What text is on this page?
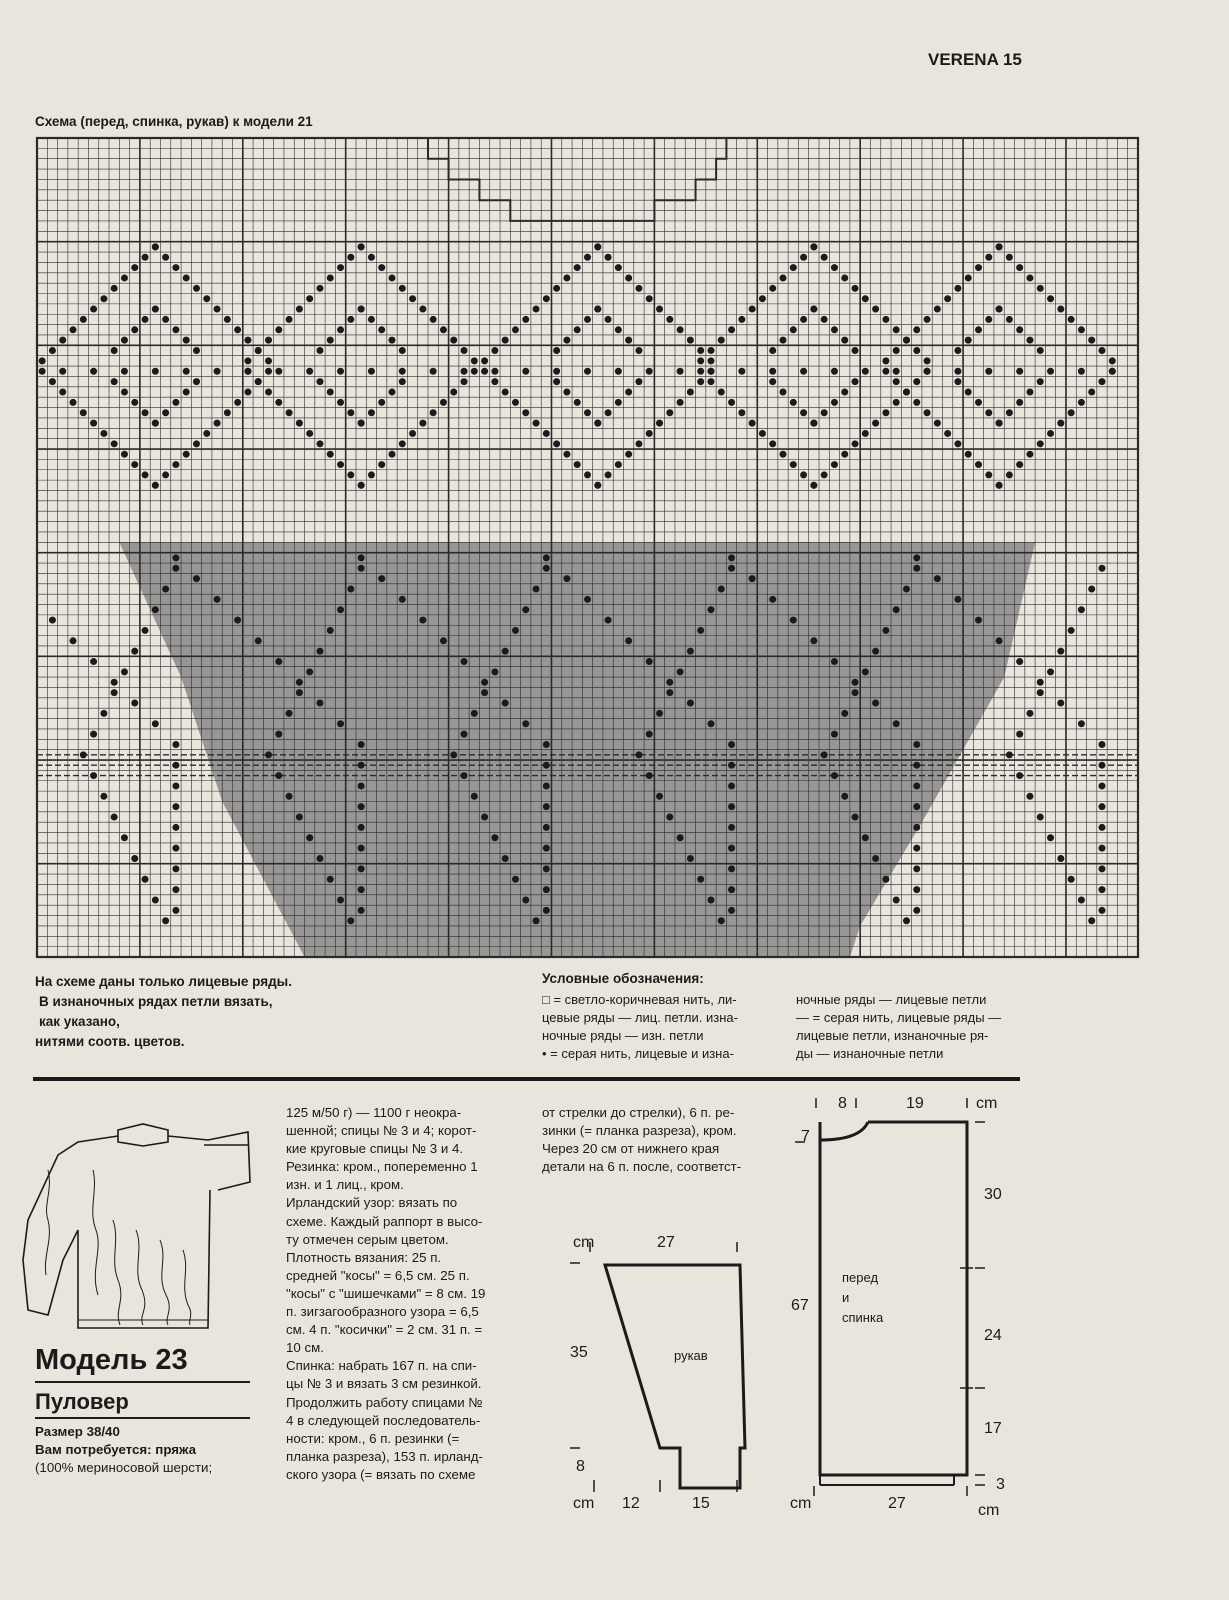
VERENA 15
Схема (перед, спинка, рукав) к модели 21
На схеме даны только лицевые ряды.
В изнаночных рядах петли вязать,
как указано,
нитями соотв. цветов.
Условные обозначения:
□ = светло-коричневая нить, ли-
цевые ряды — лиц. петли. изна-
ночные ряды — изн. петли
• = серая нить, лицевые и изна-
ночные ряды — лицевые петли
— = серая нить, лицевые ряды —
лицевые петли, изнаночные ря-
ды — изнаночные петли
Модель 23
Пуловер
Размер 38/40
Вам потребуется: пряжа
(100% мериносовой шерсти;
125 м/50 г) — 1100 г неокра-
шенной; спицы № 3 и 4; корот-
кие круговые спицы № 3 и 4.
Резинка: кром., попеременно 1
изн. и 1 лиц., кром.
Ирландский узор: вязать по
схеме. Каждый раппорт в высо-
ту отмечен серым цветом.
Плотность вязания: 25 п.
средней "косы" = 6,5 см. 25 п.
"косы" с "шишечками" = 8 см. 19
п. зигзагообразного узора = 6,5
см. 4 п. "косички" = 2 см. 31 п. =
10 см.
Спинка: набрать 167 п. на спи-
цы № 3 и вязать 3 см резинкой.
Продолжить работу спицами №
4 в следующей последователь-
ности: кром., 6 п. резинки (=
планка разреза), 153 п. ирланд-
ского узора (= вязать по схеме
от стрелки до стрелки), 6 п. ре-
зинки (= планка разреза), кром.
Через 20 см от нижнего края
детали на 6 п. после, соответст-
cm	27
35	рукав
8
cm 12	15
8	19	cm
7
30
перед
и
спинка
67
24
17
3
cm	27	cm
